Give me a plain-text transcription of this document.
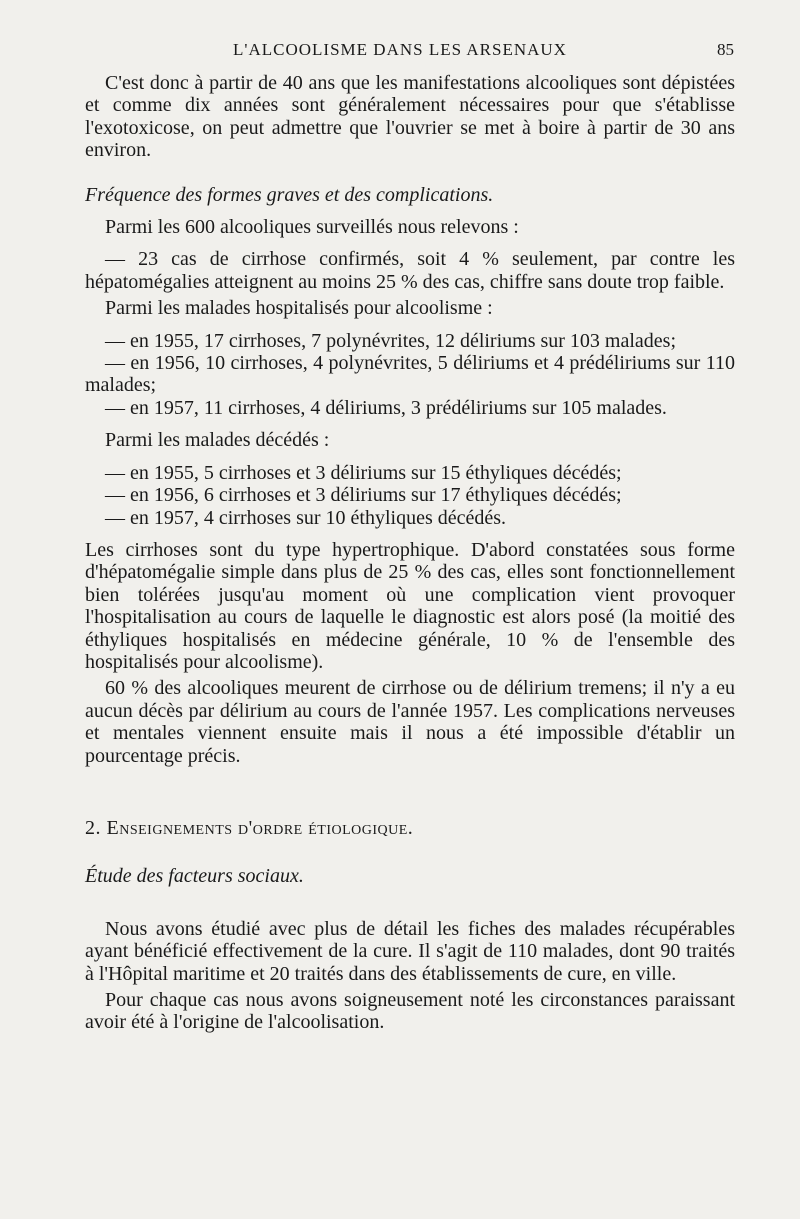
L'ALCOOLISME DANS LES ARSENAUX	85

C'est donc à partir de 40 ans que les manifestations alcooliques sont dépistées et comme dix années sont généralement nécessaires pour que s'établisse l'exotoxicose, on peut admettre que l'ouvrier se met à boire à partir de 30 ans environ.

Fréquence des formes graves et des complications.

Parmi les 600 alcooliques surveillés nous relevons :

— 23 cas de cirrhose confirmés, soit 4 % seulement, par contre les hépatomégalies atteignent au moins 25 % des cas, chiffre sans doute trop faible.

Parmi les malades hospitalisés pour alcoolisme :

— en 1955, 17 cirrhoses, 7 polynévrites, 12 déliriums sur 103 malades;

— en 1956, 10 cirrhoses, 4 polynévrites, 5 déliriums et 4 prédéliriums sur 110 malades;

— en 1957, 11 cirrhoses, 4 déliriums, 3 prédéliriums sur 105 malades.

Parmi les malades décédés :

— en 1955, 5 cirrhoses et 3 déliriums sur 15 éthyliques décédés;

— en 1956, 6 cirrhoses et 3 déliriums sur 17 éthyliques décédés;

— en 1957, 4 cirrhoses sur 10 éthyliques décédés.

Les cirrhoses sont du type hypertrophique. D'abord constatées sous forme d'hépatomégalie simple dans plus de 25 % des cas, elles sont fonctionnellement bien tolérées jusqu'au moment où une complication vient provoquer l'hospitalisation au cours de laquelle le diagnostic est alors posé (la moitié des éthyliques hospitalisés en médecine générale, 10 % de l'ensemble des hospitalisés pour alcoolisme).

60 % des alcooliques meurent de cirrhose ou de délirium tremens; il n'y a eu aucun décès par délirium au cours de l'année 1957. Les complications nerveuses et mentales viennent ensuite mais il nous a été impossible d'établir un pourcentage précis.

2. Enseignements d'ordre étiologique.

Étude des facteurs sociaux.

Nous avons étudié avec plus de détail les fiches des malades récupérables ayant bénéficié effectivement de la cure. Il s'agit de 110 malades, dont 90 traités à l'Hôpital maritime et 20 traités dans des établissements de cure, en ville.

Pour chaque cas nous avons soigneusement noté les circonstances paraissant avoir été à l'origine de l'alcoolisation.
